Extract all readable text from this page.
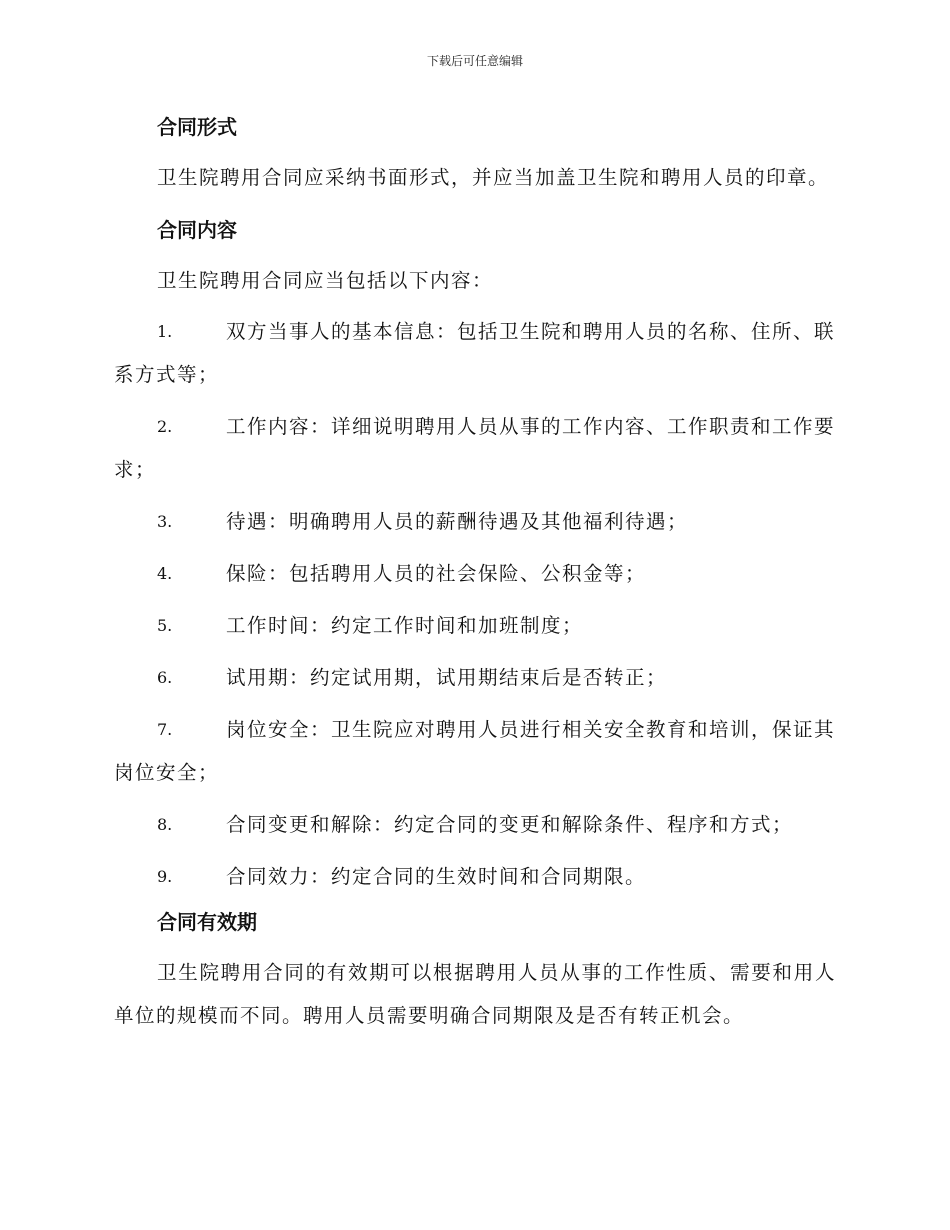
下载后可任意编辑
合同形式

卫生院聘用合同应采纳书面形式，并应当加盖卫生院和聘用人员的印章。

合同内容

卫生院聘用合同应当包括以下内容：

1.	双方当事人的基本信息：包括卫生院和聘用人员的名称、住所、联系方式等；
2.	工作内容：详细说明聘用人员从事的工作内容、工作职责和工作要求；
3.	待遇：明确聘用人员的薪酬待遇及其他福利待遇；
4.	保险：包括聘用人员的社会保险、公积金等；
5.	工作时间：约定工作时间和加班制度；
6.	试用期：约定试用期，试用期结束后是否转正；
7.	岗位安全：卫生院应对聘用人员进行相关安全教育和培训，保证其岗位安全；
8.	合同变更和解除：约定合同的变更和解除条件、程序和方式；
9.	合同效力：约定合同的生效时间和合同期限。
合同有效期

卫生院聘用合同的有效期可以根据聘用人员从事的工作性质、需要和用人单位的规模而不同。聘用人员需要明确合同期限及是否有转正机会。
